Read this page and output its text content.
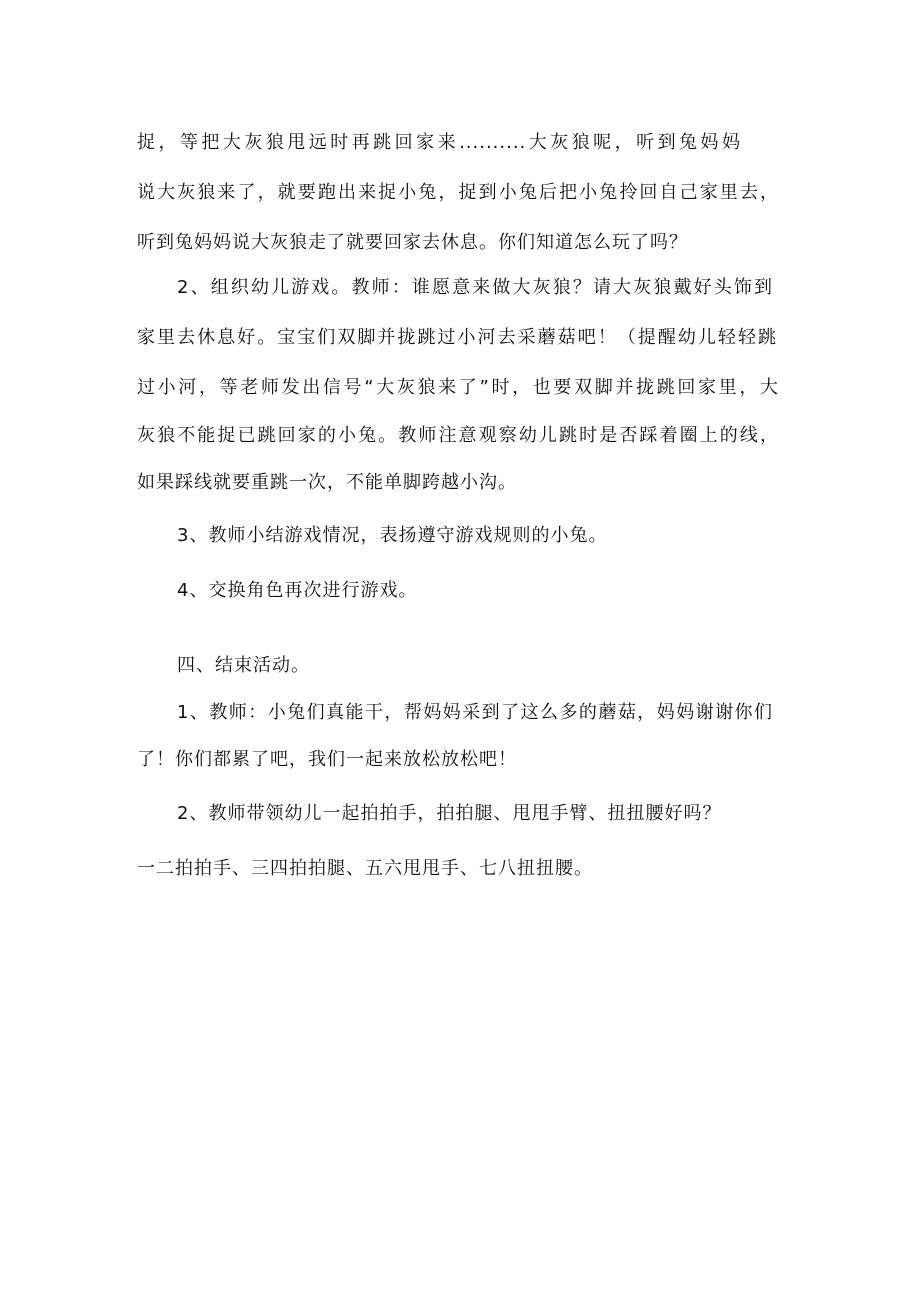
捉，等把大灰狼甩远时再跳回家来..........大灰狼呢，听到兔妈妈
说大灰狼来了，就要跑出来捉小兔，捉到小兔后把小兔拎回自己家里去，
听到兔妈妈说大灰狼走了就要回家去休息。你们知道怎么玩了吗？
2、组织幼儿游戏。教师：谁愿意来做大灰狼？请大灰狼戴好头饰到
家里去休息好。宝宝们双脚并拢跳过小河去采蘑菇吧！（提醒幼儿轻轻跳
过小河，等老师发出信号“大灰狼来了”时，也要双脚并拢跳回家里，大
灰狼不能捉已跳回家的小兔。教师注意观察幼儿跳时是否踩着圈上的线，
如果踩线就要重跳一次，不能单脚跨越小沟。
3、教师小结游戏情况，表扬遵守游戏规则的小兔。
4、交换角色再次进行游戏。
四、结束活动。
1、教师：小兔们真能干，帮妈妈采到了这么多的蘑菇，妈妈谢谢你们
了！你们都累了吧，我们一起来放松放松吧！
2、教师带领幼儿一起拍拍手，拍拍腿、甩甩手臂、扭扭腰好吗？
一二拍拍手、三四拍拍腿、五六甩甩手、七八扭扭腰。
